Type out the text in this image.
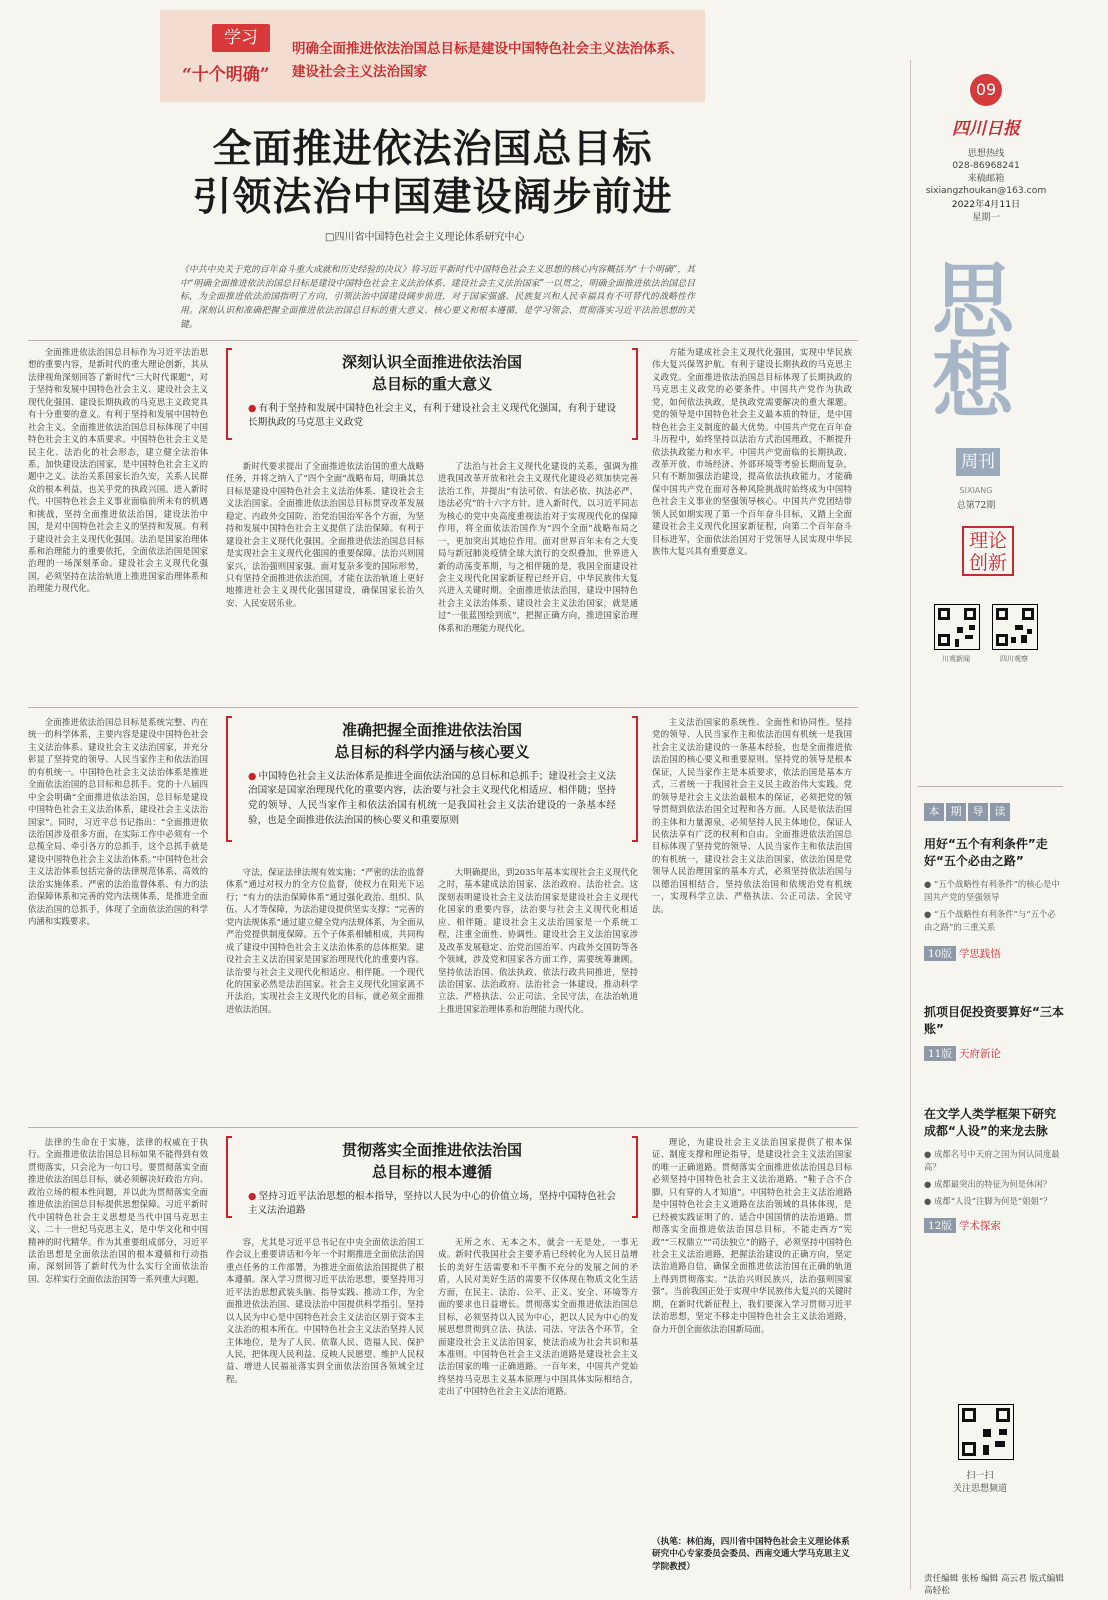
学习
“十个明确”
明确全面推进依法治国总目标是建设中国特色社会主义法治体系、建设社会主义法治国家
全面推进依法治国总目标
引领法治中国建设阔步前进
□四川省中国特色社会主义理论体系研究中心
《中共中央关于党的百年奋斗重大成就和历史经验的决议》将习近平新时代中国特色社会主义思想的核心内容概括为“十个明确”，其中“明确全面推进依法治国总目标是建设中国特色社会主义法治体系、建设社会主义法治国家”一以贯之，明确全面推进依法治国总目标，为全面推进依法治国指明了方向，引领法治中国建设阔步前进，对于国家强盛、民族复兴和人民幸福具有不可替代的战略性作用。深刻认识和准确把握全面推进依法治国总目标的重大意义、核心要义和根本遵循，是学习领会、贯彻落实习近平法治思想的关键。

全面推进依法治国总目标作为习近平法治思想的重要内容，是新时代的重大理论创新，其从法律视角深刻回答了新时代“三大时代课题”，对于坚持和发展中国特色社会主义、建设社会主义现代化强国、建设长期执政的马克思主义政党具有十分重要的意义。有利于坚持和发展中国特色社会主义。全面推进依法治国总目标体现了中国特色社会主义的本质要求。中国特色社会主义是民主化、法治化的社会形态，建立健全法治体系，加快建设法治国家，是中国特色社会主义的题中之义。法治关系国家长治久安，关系人民群众的根本利益，也关乎党的执政兴国。进入新时代，中国特色社会主义事业面临前所未有的机遇和挑战，坚持全面推进依法治国，建设法治中国，是对中国特色社会主义的坚持和发展。有利于建设社会主义现代化强国。法治是国家治理体系和治理能力的重要依托，全面依法治国是国家治理的一场深刻革命。建设社会主义现代化强国，必须坚持在法治轨道上推进国家治理体系和治理能力现代化。

深刻认识全面推进依法治国
总目标的重大意义
● 有利于坚持和发展中国特色社会主义，有利于建设社会主义现代化强国，有利于建设长期执政的马克思主义政党

新时代要求提出了全面推进依法治国的重大战略任务，并将之纳入了“四个全面”战略布局，明确其总目标是建设中国特色社会主义法治体系、建设社会主义法治国家。全面推进依法治国总目标贯穿改革发展稳定、内政外交国防、治党治国治军各个方面，为坚持和发展中国特色社会主义提供了法治保障。有利于建设社会主义现代化强国。全面推进依法治国总目标是实现社会主义现代化强国的重要保障。法治兴则国家兴，法治强则国家强。面对复杂多变的国际形势，只有坚持全面推进依法治国，才能在法治轨道上更好地推进社会主义现代化强国建设，确保国家长治久安、人民安居乐业。

了法治与社会主义现代化建设的关系，强调为推进我国改革开放和社会主义现代化建设必须加快完善法治工作，并提出“有法可依、有法必依、执法必严、违法必究”的十六字方针。进入新时代，以习近平同志为核心的党中央高度重视法治对于实现现代化的保障作用，将全面依法治国作为“四个全面”战略布局之一，更加突出其地位作用。面对世界百年未有之大变局与新冠肺炎疫情全球大流行的交织叠加，世界进入新的动荡变革期，与之相伴随的是，我国全面建设社会主义现代化国家新征程已经开启，中华民族伟大复兴进入关键时期。全面推进依法治国，建设中国特色社会主义法治体系、建设社会主义法治国家，就是通过“一张蓝图绘到底”，把握正确方向，推进国家治理体系和治理能力现代化。

方能为建成社会主义现代化强国，实现中华民族伟大复兴保驾护航。有利于建设长期执政的马克思主义政党。全面推进依法治国总目标体现了长期执政的马克思主义政党的必要条件。中国共产党作为执政党，如何依法执政，是执政党需要解决的重大课题。党的领导是中国特色社会主义最本质的特征，是中国特色社会主义制度的最大优势。中国共产党在百年奋斗历程中，始终坚持以法治方式治国理政，不断提升依法执政能力和水平。中国共产党面临的长期执政、改革开放、市场经济、外部环境等考验长期而复杂，只有不断加强法治建设，提高依法执政能力，才能确保中国共产党在面对各种风险挑战时始终成为中国特色社会主义事业的坚强领导核心。中国共产党团结带领人民如期实现了第一个百年奋斗目标，又踏上全面建设社会主义现代化国家新征程，向第二个百年奋斗目标进军，全面依法治国对于党领导人民实现中华民族伟大复兴具有重要意义。

全面推进依法治国总目标是系统完整、内在统一的科学体系，主要内容是建设中国特色社会主义法治体系、建设社会主义法治国家，并充分彰显了坚持党的领导、人民当家作主和依法治国的有机统一。中国特色社会主义法治体系是推进全面依法治国的总目标和总抓手。党的十八届四中全会明确“全面推进依法治国，总目标是建设中国特色社会主义法治体系，建设社会主义法治国家”。同时，习近平总书记指出：“全面推进依法治国涉及很多方面，在实际工作中必须有一个总揽全局、牵引各方的总抓手，这个总抓手就是建设中国特色社会主义法治体系。”中国特色社会主义法治体系包括完备的法律规范体系、高效的法治实施体系、严密的法治监督体系、有力的法治保障体系和完善的党内法规体系，是推进全面依法治国的总抓手，体现了全面依法治国的科学内涵和实践要求。

准确把握全面推进依法治国
总目标的科学内涵与核心要义
● 中国特色社会主义法治体系是推进全面依法治国的总目标和总抓手；建设社会主义法治国家是国家治理现代化的重要内容，法治要与社会主义现代化相适应、相伴随；坚持党的领导、人民当家作主和依法治国有机统一是我国社会主义法治建设的一条基本经验，也是全面推进依法治国的核心要义和重要原则

守法，保证法律法规有效实施；“严密的法治监督体系”通过对权力的全方位监督，使权力在阳光下运行；“有力的法治保障体系”通过强化政治、组织、队伍、人才等保障，为法治建设提供坚实支撑；“完善的党内法规体系”通过建立健全党内法规体系，为全面从严治党提供制度保障。五个子体系相辅相成，共同构成了建设中国特色社会主义法治体系的总体框架。建设社会主义法治国家是国家治理现代化的重要内容。法治要与社会主义现代化相适应、相伴随。一个现代化的国家必然是法治国家。社会主义现代化国家离不开法治，实现社会主义现代化的目标，就必须全面推进依法治国。

大明确提出，到2035年基本实现社会主义现代化之时，基本建成法治国家、法治政府、法治社会。这深刻表明建设社会主义法治国家是建设社会主义现代化国家的重要内容，法治要与社会主义现代化相适应、相伴随。建设社会主义法治国家是一个系统工程，注重全面性、协调性。建设社会主义法治国家涉及改革发展稳定、治党治国治军、内政外交国防等各个领域，涉及党和国家各方面工作，需要统筹兼顾。坚持依法治国、依法执政、依法行政共同推进，坚持法治国家、法治政府、法治社会一体建设，推动科学立法、严格执法、公正司法、全民守法，在法治轨道上推进国家治理体系和治理能力现代化。

主义法治国家的系统性、全面性和协同性。坚持党的领导、人民当家作主和依法治国有机统一是我国社会主义法治建设的一条基本经验，也是全面推进依法治国的核心要义和重要原则。坚持党的领导是根本保证，人民当家作主是本质要求，依法治国是基本方式，三者统一于我国社会主义民主政治伟大实践。党的领导是社会主义法治最根本的保证，必须把党的领导贯彻到依法治国全过程和各方面。人民是依法治国的主体和力量源泉，必须坚持人民主体地位，保证人民依法享有广泛的权利和自由。全面推进依法治国总目标体现了坚持党的领导、人民当家作主和依法治国的有机统一，建设社会主义法治国家，依法治国是党领导人民治理国家的基本方式，必须坚持依法治国与以德治国相结合，坚持依法治国和依规治党有机统一，实现科学立法、严格执法、公正司法、全民守法。

法律的生命在于实施，法律的权威在于执行。全面推进依法治国总目标如果不能得到有效贯彻落实，只会沦为一句口号。要贯彻落实全面推进依法治国总目标，就必须解决好政治方向、政治立场的根本性问题，并以此为贯彻落实全面推进依法治国总目标提供思想保障。习近平新时代中国特色社会主义思想是当代中国马克思主义、二十一世纪马克思主义，是中华文化和中国精神的时代精华。作为其重要组成部分，习近平法治思想是全面依法治国的根本遵循和行动指南，深刻回答了新时代为什么实行全面依法治国、怎样实行全面依法治国等一系列重大问题。

贯彻落实全面推进依法治国
总目标的根本遵循
● 坚持习近平法治思想的根本指导，坚持以人民为中心的价值立场，坚持中国特色社会主义法治道路

容，尤其是习近平总书记在中央全面依法治国工作会议上重要讲话和今年一个时期推进全面依法治国重点任务的工作部署，为推进全面依法治国提供了根本遵循。深入学习贯彻习近平法治思想，要坚持用习近平法治思想武装头脑、指导实践、推动工作，为全面推进依法治国、建设法治中国提供科学指引。坚持以人民为中心是中国特色社会主义法治区别于资本主义法治的根本所在。中国特色社会主义法治坚持人民主体地位，是为了人民、依靠人民、造福人民、保护人民，把体现人民利益、反映人民愿望、维护人民权益、增进人民福祉落实到全面依法治国各领域全过程。

无所之水、无本之木，就会一无是处，一事无成。新时代我国社会主要矛盾已经转化为人民日益增长的美好生活需要和不平衡不充分的发展之间的矛盾，人民对美好生活的需要不仅体现在物质文化生活方面，在民主、法治、公平、正义、安全、环境等方面的要求也日益增长。贯彻落实全面推进依法治国总目标，必须坚持以人民为中心，把以人民为中心的发展思想贯彻到立法、执法、司法、守法各个环节，全面建设社会主义法治国家，使法治成为社会共识和基本准则。中国特色社会主义法治道路是建设社会主义法治国家的唯一正确道路。一百年来，中国共产党始终坚持马克思主义基本原理与中国具体实际相结合，走出了中国特色社会主义法治道路。

理论，为建设社会主义法治国家提供了根本保证、制度支撑和理论指导，是建设社会主义法治国家的唯一正确道路。贯彻落实全面推进依法治国总目标必须坚持中国特色社会主义法治道路。“鞋子合不合脚，只有穿的人才知道”。中国特色社会主义法治道路是中国特色社会主义道路在法治领域的具体体现，是已经被实践证明了的、适合中国国情的法治道路。贯彻落实全面推进依法治国总目标，不能走西方“宪政”“三权鼎立”“司法独立”的路子，必须坚持中国特色社会主义法治道路，把握法治建设的正确方向，坚定法治道路自信，确保全面推进依法治国在正确的轨道上得到贯彻落实。“法治兴则民族兴，法治强则国家强”。当前我国正处于实现中华民族伟大复兴的关键时期，在新时代新征程上，我们要深入学习贯彻习近平法治思想，坚定不移走中国特色社会主义法治道路，奋力开创全面依法治国新局面。

（执笔：林伯海，四川省中国特色社会主义理论体系研究中心专家委员会委员、西南交通大学马克思主义学院教授）
09
四川日报
思想热线
028-86968241
来稿邮箱
sixiangzhoukan@163.com
2022年4月11日
星期一
思
想
周刊
SIXIANG
总第72期
理论
创新
川观新闻	四川观察
本 期 导 读
用好“五个有利条件”走好“五个必由之路”
● “五个战略性有利条件”的核心是中国共产党的坚强领导
● “五个战略性有利条件”与“五个必由之路”的三重关系
10版 学思践悟
抓项目促投资要算好“三本账”
11版 天府新论
在文学人类学框架下研究成都“人设”的来龙去脉
● 成都名号中天府之国为何认同度最高？
● 成都最突出的特征为何是休闲？
● 成都“人设”注脚为何是“姐姐”？
12版 学术探索
扫一扫
关注思想频道
责任编辑 张杨 编辑 高云君 版式编辑 高轻松
